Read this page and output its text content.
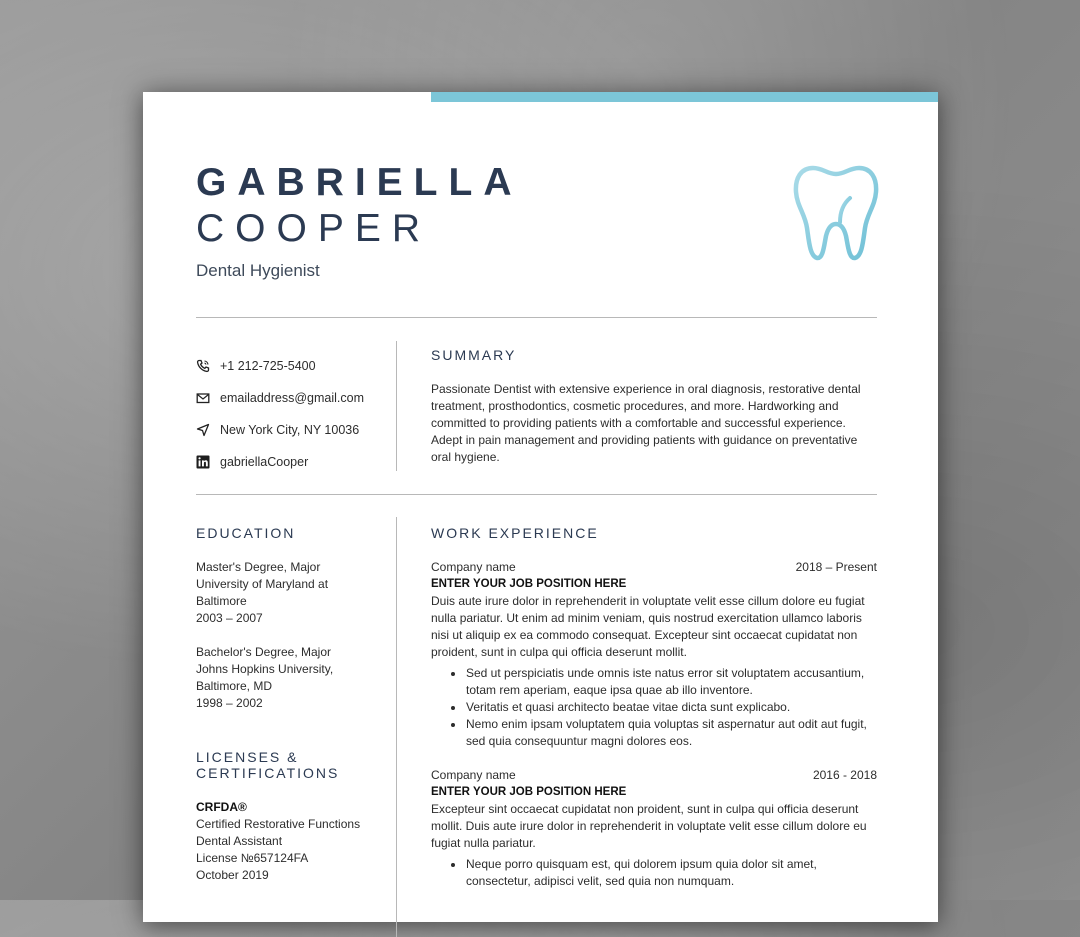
GABRIELLA
COOPER
Dental Hygienist
+1 212-725-5400
emailaddress@gmail.com
New York City, NY 10036
gabriellaCooper
SUMMARY
Passionate Dentist with extensive experience in oral diagnosis, restorative dental treatment, prosthodontics, cosmetic procedures, and more. Hardworking and committed to providing patients with a comfortable and successful experience. Adept in pain management and providing patients with guidance on preventative oral hygiene.
EDUCATION
Master's Degree, Major
University of Maryland at Baltimore
2003 – 2007
Bachelor's Degree, Major
Johns Hopkins University, Baltimore, MD
1998 – 2002
LICENSES &
CERTIFICATIONS
CRFDA®
Certified Restorative Functions
Dental Assistant
License №657124FA
October 2019
WORK EXPERIENCE
Company name	2018 – Present
ENTER YOUR JOB POSITION HERE
Duis aute irure dolor in reprehenderit in voluptate velit esse cillum dolore eu fugiat nulla pariatur. Ut enim ad minim veniam, quis nostrud exercitation ullamco laboris nisi ut aliquip ex ea commodo consequat. Excepteur sint occaecat cupidatat non proident, sunt in culpa qui officia deserunt mollit.
• Sed ut perspiciatis unde omnis iste natus error sit voluptatem accusantium, totam rem aperiam, eaque ipsa quae ab illo inventore.
• Veritatis et quasi architecto beatae vitae dicta sunt explicabo.
• Nemo enim ipsam voluptatem quia voluptas sit aspernatur aut odit aut fugit, sed quia consequuntur magni dolores eos.
Company name	2016 - 2018
ENTER YOUR JOB POSITION HERE
Excepteur sint occaecat cupidatat non proident, sunt in culpa qui officia deserunt mollit. Duis aute irure dolor in reprehenderit in voluptate velit esse cillum dolore eu fugiat nulla pariatur.
• Neque porro quisquam est, qui dolorem ipsum quia dolor sit amet, consectetur, adipisci velit, sed quia non numquam.
